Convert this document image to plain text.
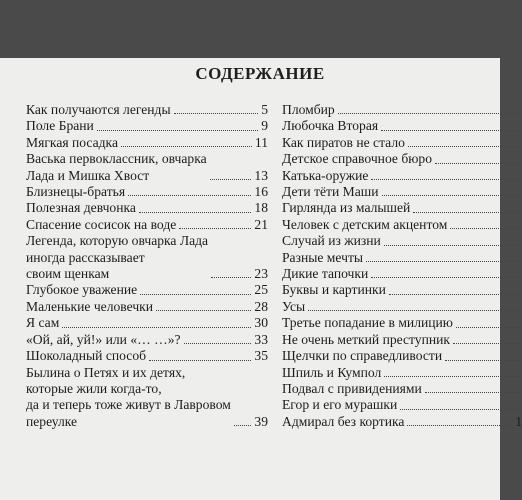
СОДЕРЖАНИЕ
Как получаются легенды	5
Поле Брани	9
Мягкая посадка	11
Васька первоклассник, овчарка
Лада и Мишка Хвост	13
Близнецы-братья	16
Полезная девчонка	18
Спасение сосисок на воде	21
Легенда, которую овчарка Лада
иногда рассказывает
своим щенкам	23
Глубокое уважение	25
Маленькие человечки	28
Я сам	30
«Ой, ай, уй!» или «… …»?	33
Шоколадный способ	35
Былина о Петях и их детях,
которые жили когда-то,
да и теперь тоже живут в Лавровом
переулке	39
Пломбир
Любочка Вторая
Как пиратов не стало
Детское справочное бюро
Катька-оружие
Дети тёти Маши
Гирлянда из малышей
Человек с детским акцентом
Случай из жизни
Разные мечты
Дикие тапочки
Буквы и картинки
Усы
Третье попадание в милицию
Не очень меткий преступник
Щелчки по справедливости
Шпиль и Кумпол
Подвал с привидениями
Егор и его мурашки
Адмирал без кортика	1
